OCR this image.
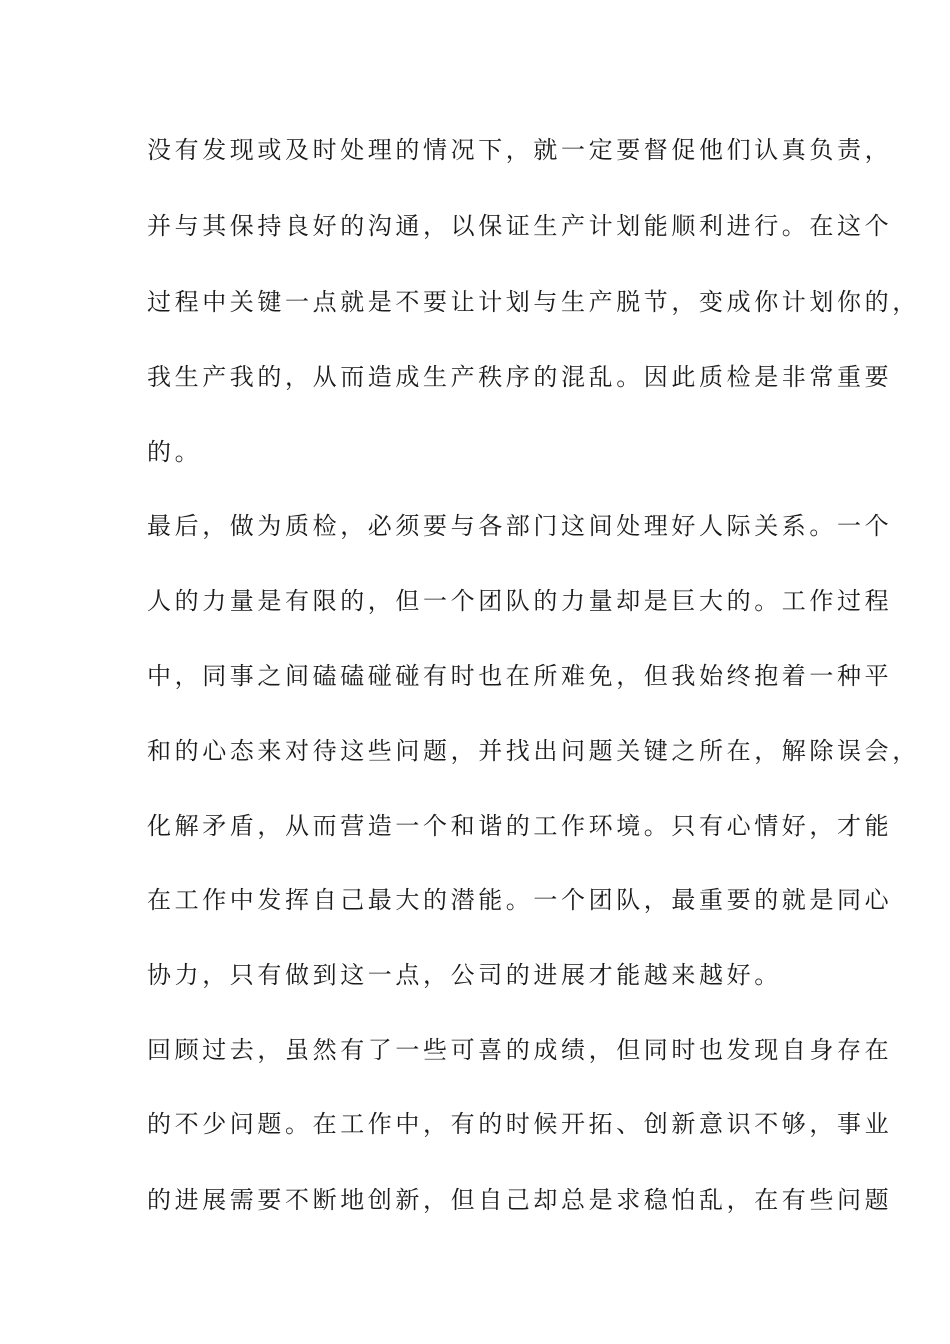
没有发现或及时处理的情况下，就一定要督促他们认真负责，
并与其保持良好的沟通，以保证生产计划能顺利进行。在这个
过程中关键一点就是不要让计划与生产脱节，变成你计划你的，
我生产我的，从而造成生产秩序的混乱。因此质检是非常重要
的。
最后，做为质检，必须要与各部门这间处理好人际关系。一个
人的力量是有限的，但一个团队的力量却是巨大的。工作过程
中，同事之间磕磕碰碰有时也在所难免，但我始终抱着一种平
和的心态来对待这些问题，并找出问题关键之所在，解除误会，
化解矛盾，从而营造一个和谐的工作环境。只有心情好，才能
在工作中发挥自己最大的潜能。一个团队，最重要的就是同心
协力，只有做到这一点，公司的进展才能越来越好。
回顾过去，虽然有了一些可喜的成绩，但同时也发现自身存在
的不少问题。在工作中，有的时候开拓、创新意识不够，事业
的进展需要不断地创新，但自己却总是求稳怕乱，在有些问题
